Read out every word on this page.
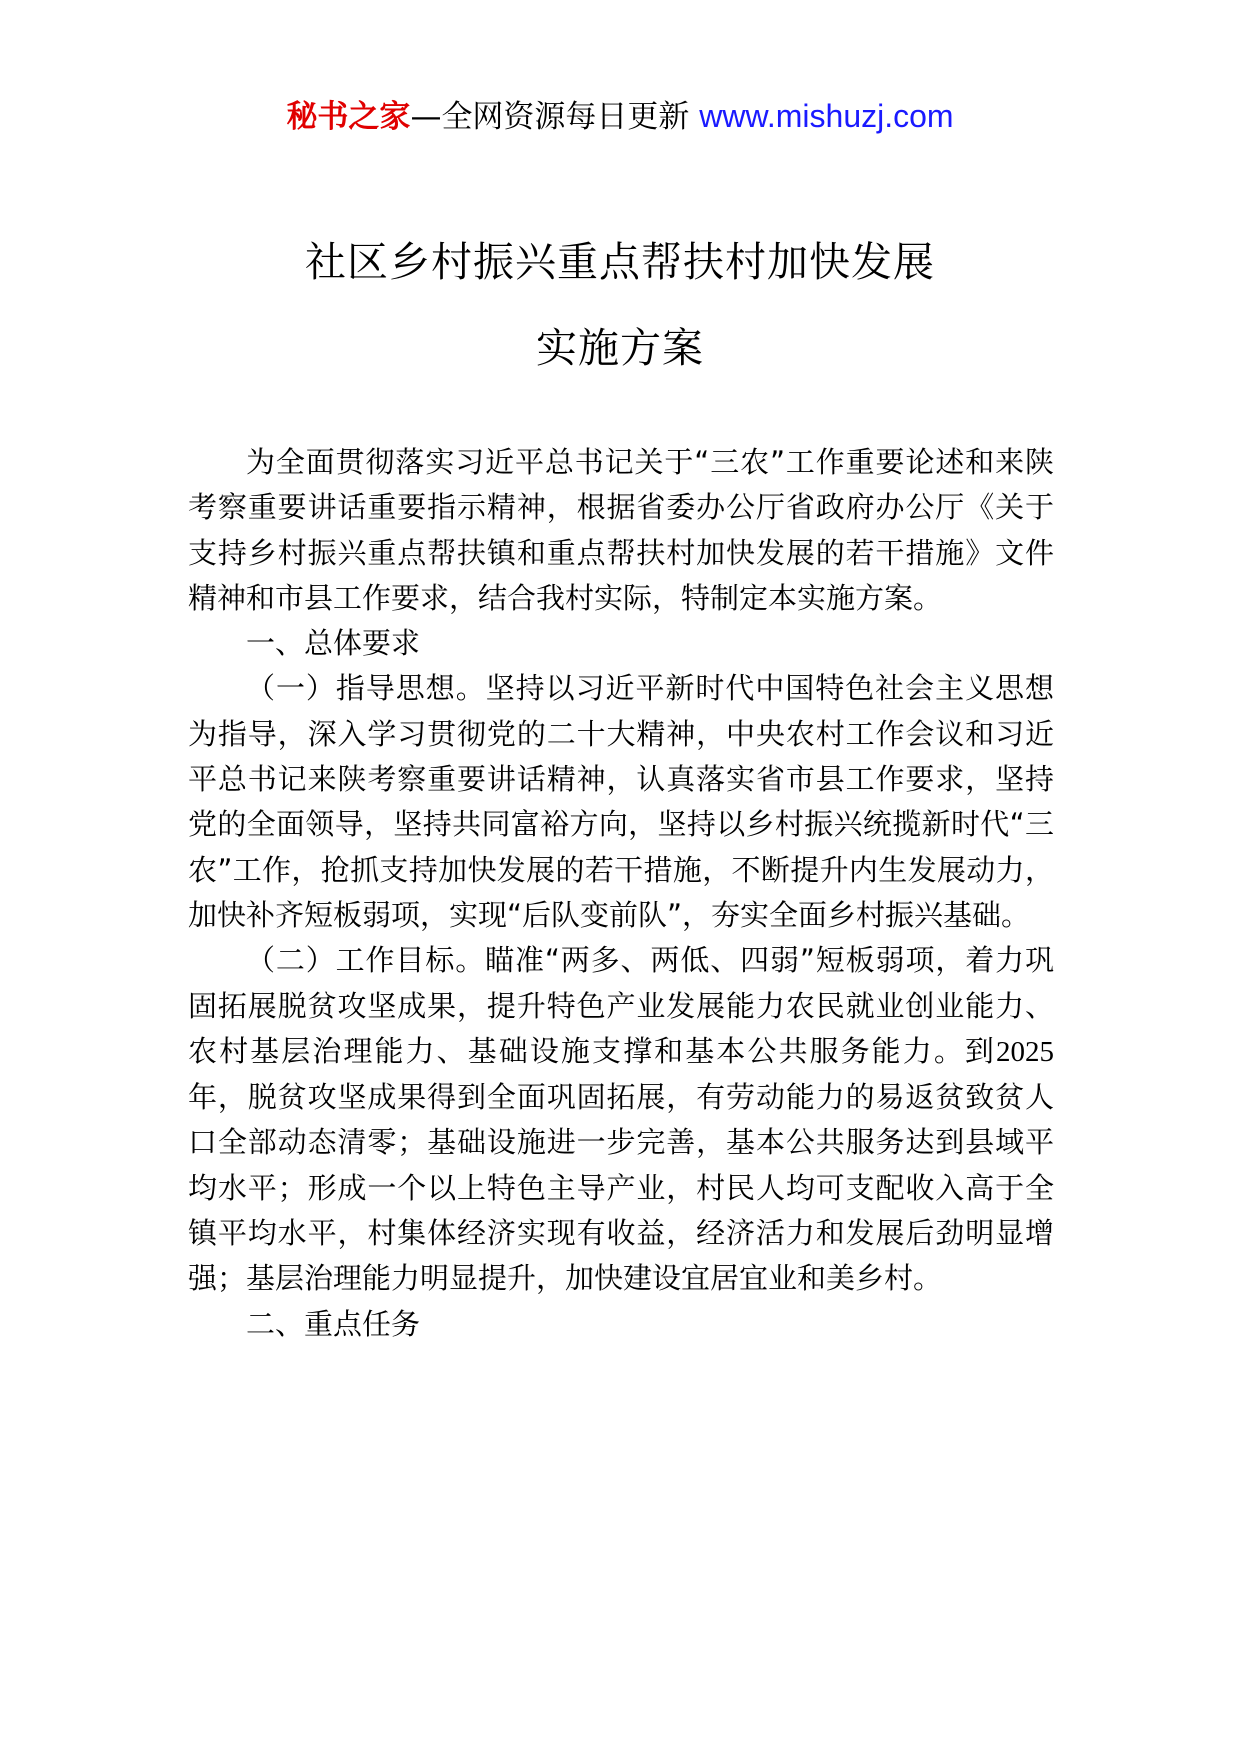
秘书之家—全网资源每日更新 www.mishuzj.com
社区乡村振兴重点帮扶村加快发展
实施方案

为全面贯彻落实习近平总书记关于“三农”工作重要论述和来陕考察重要讲话重要指示精神，根据省委办公厅省政府办公厅《关于支持乡村振兴重点帮扶镇和重点帮扶村加快发展的若干措施》文件精神和市县工作要求，结合我村实际，特制定本实施方案。

一、总体要求

（一）指导思想。坚持以习近平新时代中国特色社会主义思想为指导，深入学习贯彻党的二十大精神，中央农村工作会议和习近平总书记来陕考察重要讲话精神，认真落实省市县工作要求，坚持党的全面领导，坚持共同富裕方向，坚持以乡村振兴统揽新时代“三农”工作，抢抓支持加快发展的若干措施，不断提升内生发展动力，加快补齐短板弱项，实现“后队变前队”，夯实全面乡村振兴基础。

（二）工作目标。瞄准“两多、两低、四弱”短板弱项，着力巩固拓展脱贫攻坚成果，提升特色产业发展能力农民就业创业能力、农村基层治理能力、基础设施支撑和基本公共服务能力。到2025 年，脱贫攻坚成果得到全面巩固拓展，有劳动能力的易返贫致贫人口全部动态清零；基础设施进一步完善，基本公共服务达到县域平均水平；形成一个以上特色主导产业，村民人均可支配收入高于全镇平均水平，村集体经济实现有收益，经济活力和发展后劲明显增强；基层治理能力明显提升，加快建设宜居宜业和美乡村。

二、重点任务
